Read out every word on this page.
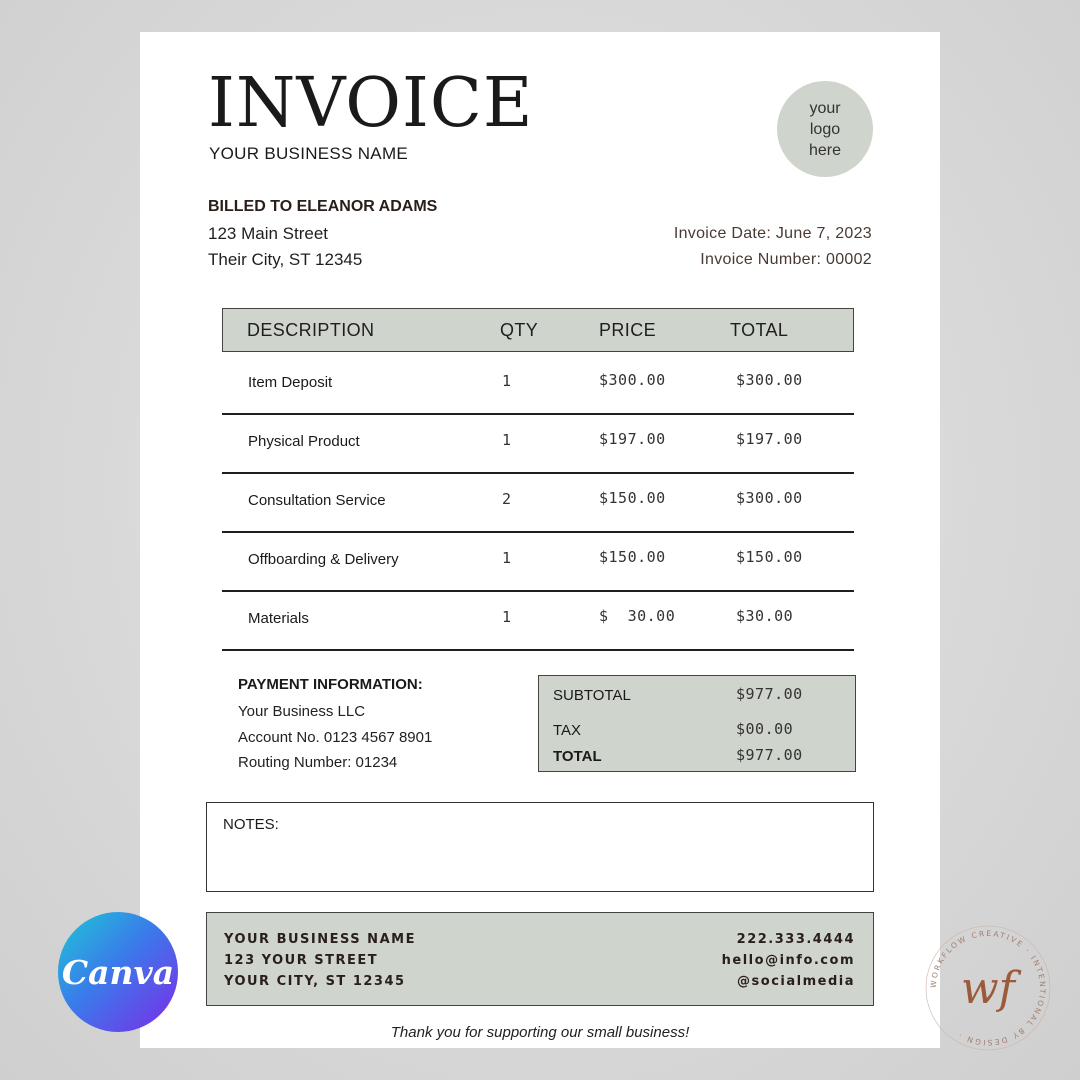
INVOICE
YOUR BUSINESS NAME
your
logo
here
BILLED TO ELEANOR ADAMS
123 Main Street
Their City, ST 12345
Invoice Date: June 7, 2023
Invoice Number: 00002
DESCRIPTION	QTY	PRICE	TOTAL
Item Deposit	1	$300.00	$300.00
Physical Product	1	$197.00	$197.00
Consultation Service	2	$150.00	$300.00
Offboarding & Delivery	1	$150.00	$150.00
Materials	1	$  30.00	$30.00
PAYMENT INFORMATION:
Your Business LLC
Account No. 0123 4567 8901
Routing Number: 01234
SUBTOTAL	$977.00
TAX	$00.00
TOTAL	$977.00
NOTES:
YOUR BUSINESS NAME
123 YOUR STREET
YOUR CITY, ST 12345
222.333.4444
hello@info.com
@socialmedia
Thank you for supporting our small business!
Canva	WORKFLOW CREATIVE · INTENTIONAL BY DESIGN ·
wf
